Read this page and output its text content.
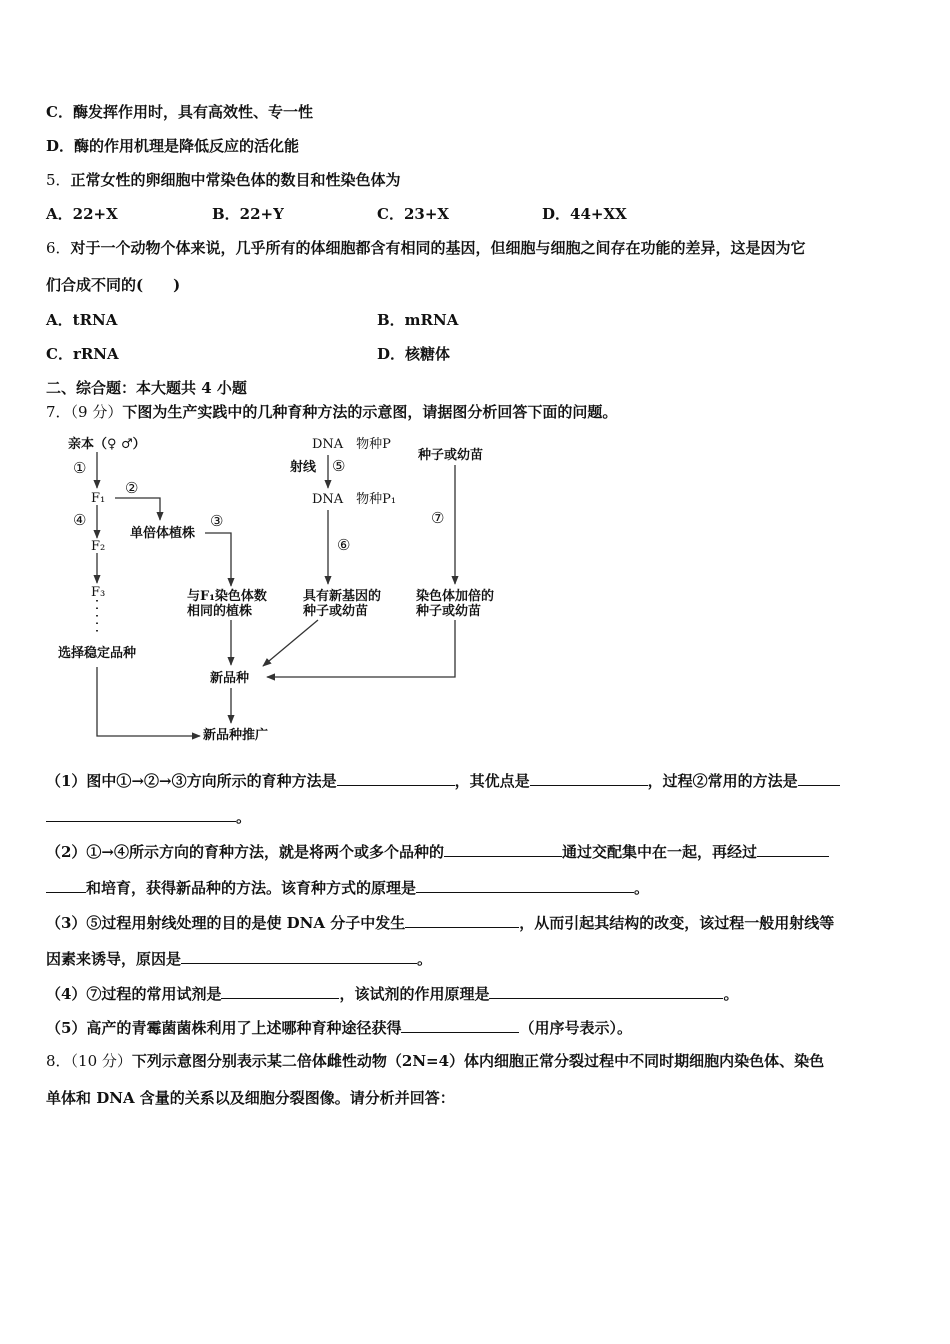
C．酶发挥作用时，具有高效性、专一性
D．酶的作用机理是降低反应的活化能
5．正常女性的卵细胞中常染色体的数目和性染色体为
A．22+X	B．22+Y	C．23+X	D．44+XX
6．对于一个动物个体来说，几乎所有的体细胞都含有相同的基因，但细胞与细胞之间存在功能的差异，这是因为它
们合成不同的(　　)
A．tRNA	B．mRNA
C．rRNA	D．核糖体
二、综合题：本大题共 4 小题
7．（9 分）下图为生产实践中的几种育种方法的示意图，请据图分析回答下面的问题。
亲本（♀ ♂）
①
F₁
②
④
单倍体植株
③
F₂
F₃	与F₁染色体数
相同的植株
选择稳定品种
新品种
新品种推广
DNA　物种P
射线 ⑤
DNA　物种P₁
⑥
具有新基因的
种子或幼苗
种子或幼苗
⑦
染色体加倍的
种子或幼苗
（1）图中①→②→③方向所示的育种方法是	，其优点是	，过程②常用的方法是
。
（2）①→④所示方向的育种方法，就是将两个或多个品种的	通过交配集中在一起，再经过
和培育，获得新品种的方法。该育种方式的原理是	。
（3）⑤过程用射线处理的目的是使 DNA 分子中发生	，从而引起其结构的改变，该过程一般用射线等
因素来诱导，原因是	。
（4）⑦过程的常用试剂是	，该试剂的作用原理是	。
（5）高产的青霉菌菌株利用了上述哪种育种途径获得	（用序号表示）。
8．（10 分）下列示意图分别表示某二倍体雌性动物（2N=4）体内细胞正常分裂过程中不同时期细胞内染色体、染色
单体和 DNA 含量的关系以及细胞分裂图像。请分析并回答：
